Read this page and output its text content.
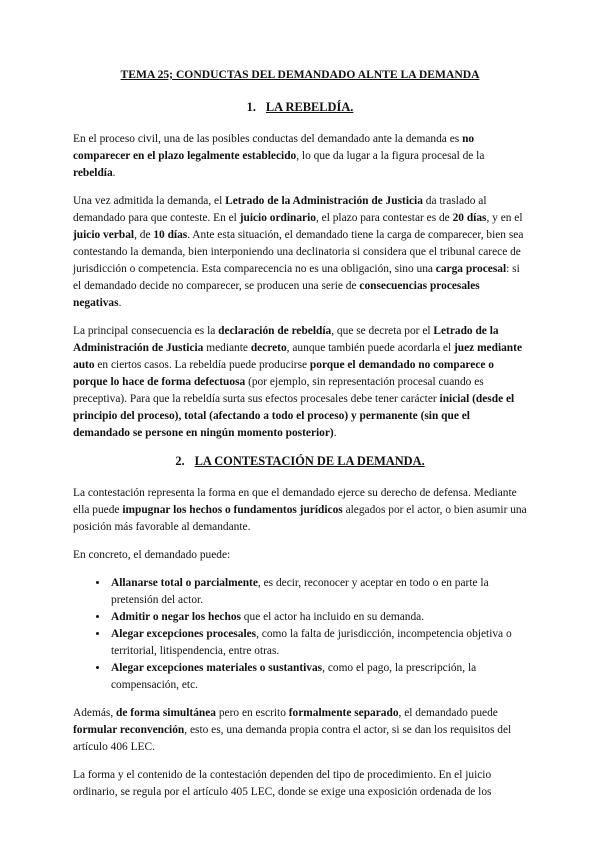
TEMA 25; CONDUCTAS DEL DEMANDADO ALNTE LA DEMANDA
1. LA REBELDÍA.

En el proceso civil, una de las posibles conductas del demandado ante la demanda es no comparecer en el plazo legalmente establecido, lo que da lugar a la figura procesal de la rebeldía.

Una vez admitida la demanda, el Letrado de la Administración de Justicia da traslado al demandado para que conteste. En el juicio ordinario, el plazo para contestar es de 20 días, y en el juicio verbal, de 10 días. Ante esta situación, el demandado tiene la carga de comparecer, bien sea contestando la demanda, bien interponiendo una declinatoria si considera que el tribunal carece de jurisdicción o competencia. Esta comparecencia no es una obligación, sino una carga procesal: si el demandado decide no comparecer, se producen una serie de consecuencias procesales negativas.

La principal consecuencia es la declaración de rebeldía, que se decreta por el Letrado de la Administración de Justicia mediante decreto, aunque también puede acordarla el juez mediante auto en ciertos casos. La rebeldía puede producirse porque el demandado no comparece o porque lo hace de forma defectuosa (por ejemplo, sin representación procesal cuando es preceptiva). Para que la rebeldía surta sus efectos procesales debe tener carácter inicial (desde el principio del proceso), total (afectando a todo el proceso) y permanente (sin que el demandado se persone en ningún momento posterior).

2. LA CONTESTACIÓN DE LA DEMANDA.

La contestación representa la forma en que el demandado ejerce su derecho de defensa. Mediante ella puede impugnar los hechos o fundamentos jurídicos alegados por el actor, o bien asumir una posición más favorable al demandante.

En concreto, el demandado puede:

• Allanarse total o parcialmente, es decir, reconocer y aceptar en todo o en parte la pretensión del actor.
• Admitir o negar los hechos que el actor ha incluido en su demanda.
• Alegar excepciones procesales, como la falta de jurisdicción, incompetencia objetiva o territorial, litispendencia, entre otras.
• Alegar excepciones materiales o sustantivas, como el pago, la prescripción, la compensación, etc.

Además, de forma simultánea pero en escrito formalmente separado, el demandado puede formular reconvención, esto es, una demanda propia contra el actor, si se dan los requisitos del artículo 406 LEC.

La forma y el contenido de la contestación dependen del tipo de procedimiento. En el juicio ordinario, se regula por el artículo 405 LEC, donde se exige una exposición ordenada de los
